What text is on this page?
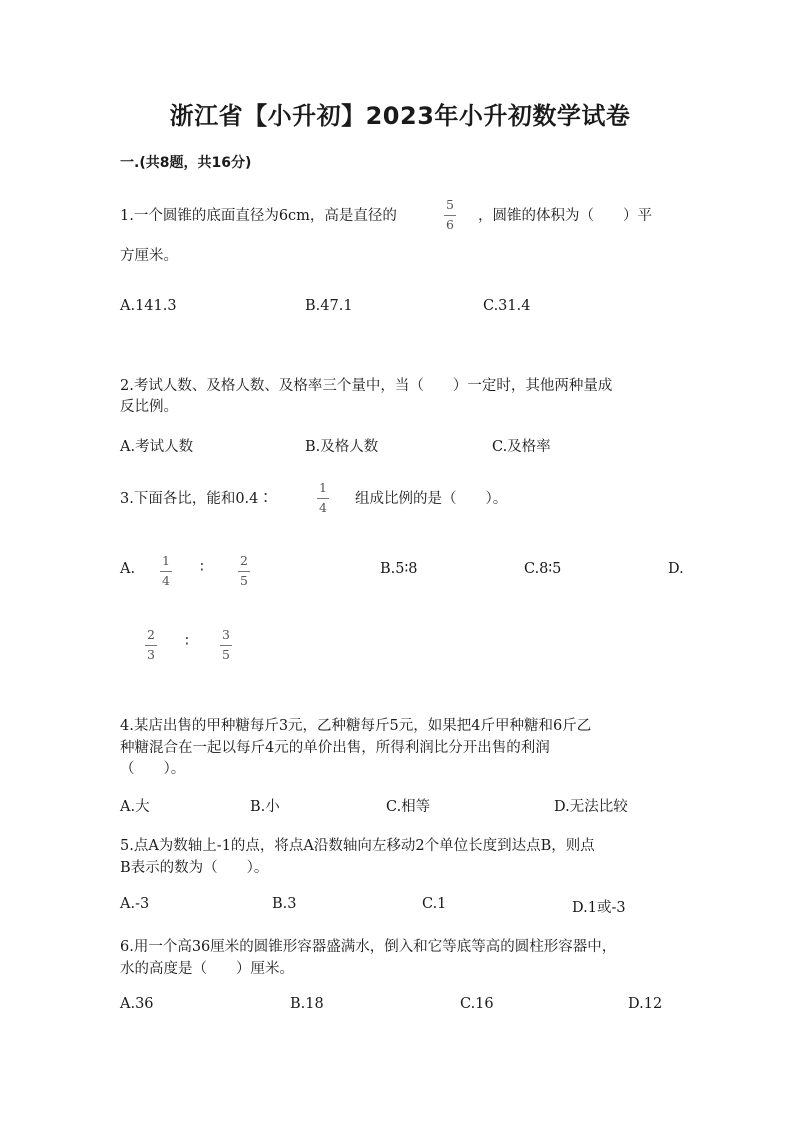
浙江省【小升初】2023年小升初数学试卷
一.(共8题，共16分)
1.一个圆锥的底面直径为6cm，高是直径的
5
6 ，圆锥的体积为（　　）平
方厘米。
A.141.3	B.47.1	C.31.4
2.考试人数、及格人数、及格率三个量中，当（　　）一定时，其他两种量成
反比例。
A.考试人数	B.及格人数	C.及格率
3.下面各比，能和0.4∶
1
4 组成比例的是（　　）。
A.
1
4
∶	2
5
B.5∶8	C.8∶5	D.
2
3
∶	3
5
4.某店出售的甲种糖每斤3元，乙种糖每斤5元，如果把4斤甲种糖和6斤乙
种糖混合在一起以每斤4元的单价出售，所得利润比分开出售的利润
（　　）。
A.大	B.小	C.相等	D.无法比较
5.点A为数轴上-1的点，将点A沿数轴向左移动2个单位长度到达点B，则点
B表示的数为（　　）。
A.-3	B.3	C.1	D.1或-3
6.用一个高36厘米的圆锥形容器盛满水，倒入和它等底等高的圆柱形容器中，
水的高度是（　　）厘米。
A.36	B.18	C.16	D.12
